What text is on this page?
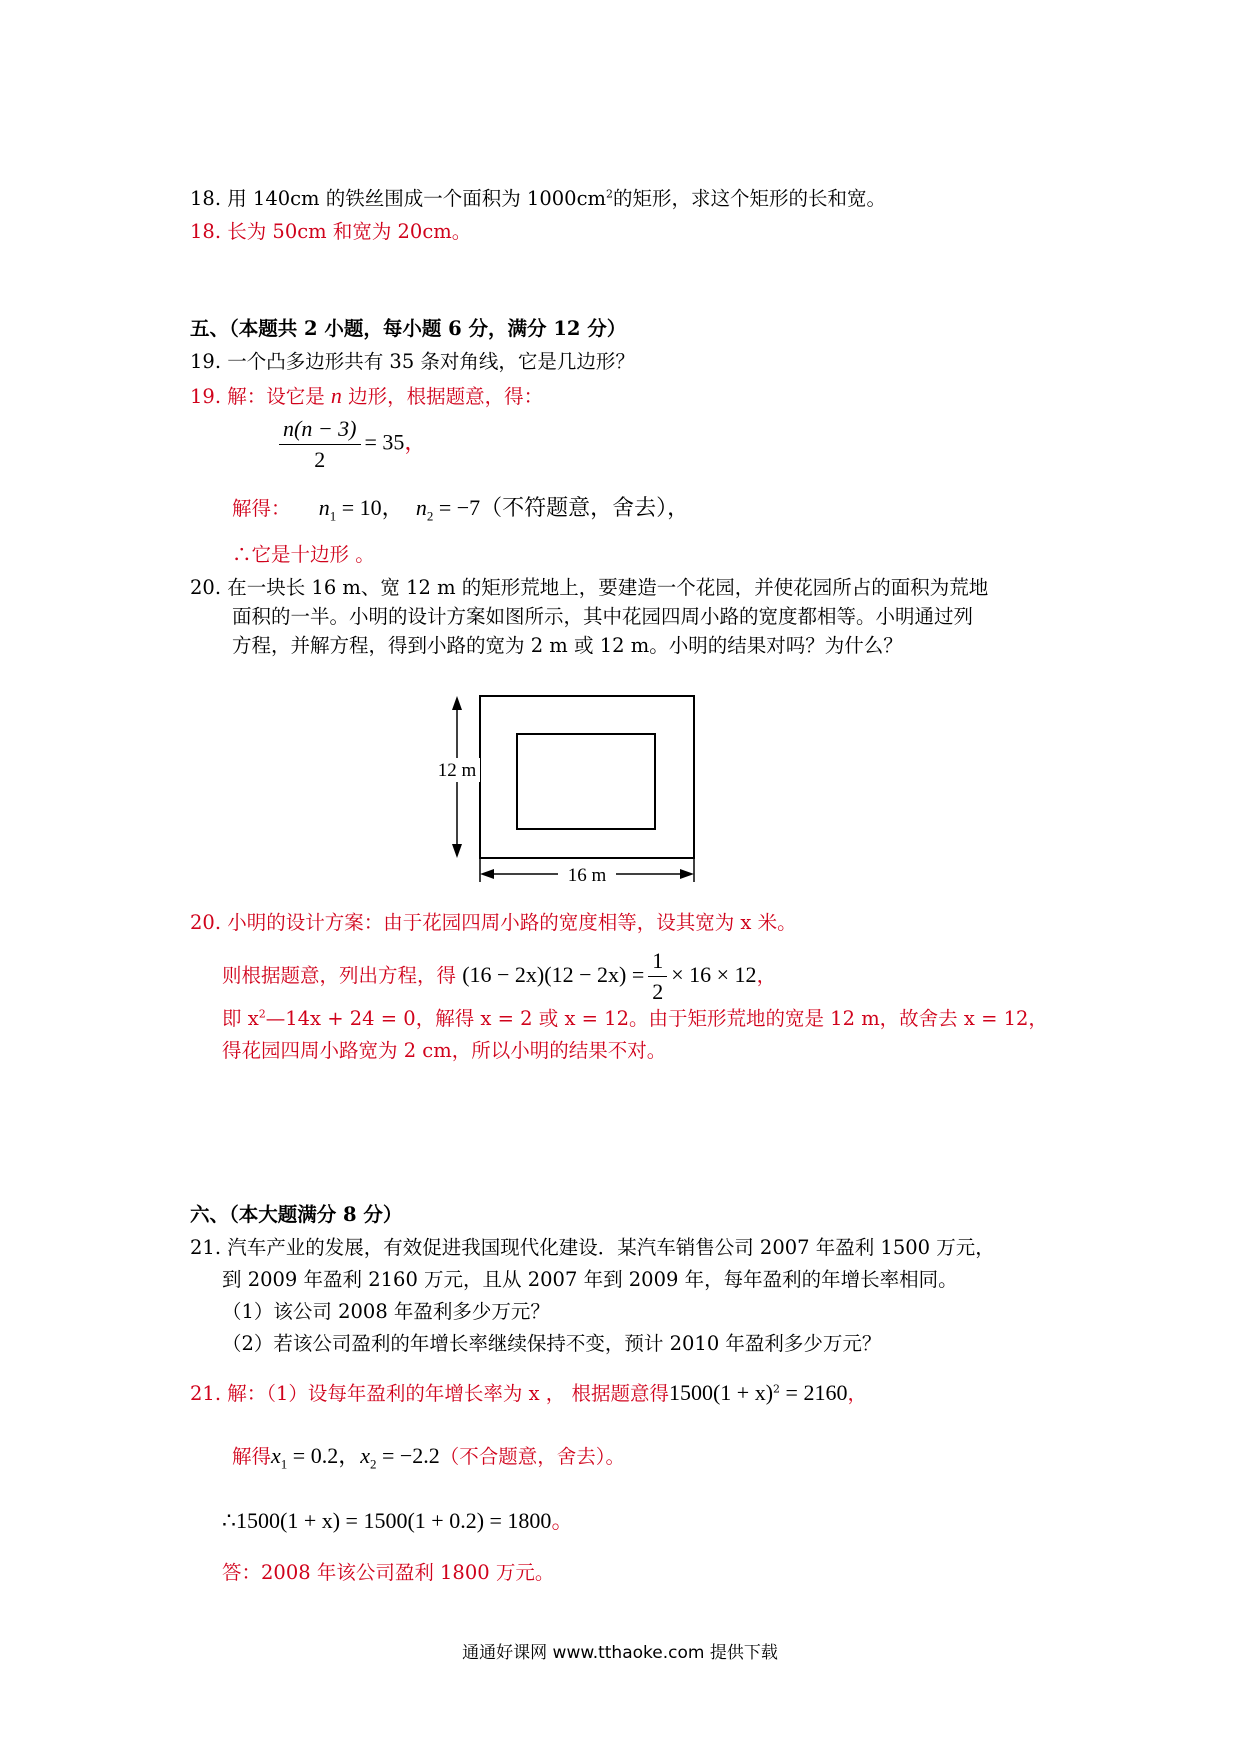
18. 用 140cm 的铁丝围成一个面积为 $1000cm^2$的矩形，求这个矩形的长和宽。
18. 长为 50cm 和宽为 20cm。
五、（本题共 2 小题，每小题 6 分，满分 12 分）
19. 一个凸多边形共有 35 条对角线，它是几边形？
19. 解：设它是 n 边形，根据题意，得：
$\frac{n(n - 3)}{2} = 35$，
解得： $n_1 = 10$， $n_2 = -7$（不符题意，舍去），
∴它是十边形 。
20. 在一块长 16 m、宽 12 m 的矩形荒地上，要建造一个花园，并使花园所占的面积为荒地
面积的一半。小明的设计方案如图所示，其中花园四周小路的宽度都相等。小明通过列
方程，并解方程，得到小路的宽为 2 m 或 12 m。小明的结果对吗？为什么？
12 m
16 m
20. 小明的设计方案：由于花园四周小路的宽度相等，设其宽为 x 米。
则根据题意，列出方程，得 $(16 - 2x)(12 - 2x) = \frac{1}{2} \times 16 \times 12$，
即 $x^2—14x + 24 = 0$，解得 x = 2 或 x = 12。由于矩形荒地的宽是 12 m，故舍去 x = 12，
得花园四周小路宽为 2 cm，所以小明的结果不对。
六、（本大题满分 8 分）
21. 汽车产业的发展，有效促进我国现代化建设．某汽车销售公司 2007 年盈利 1500 万元，
到 2009 年盈利 2160 万元，且从 2007 年到 2009 年，每年盈利的年增长率相同。
（1）该公司 2008 年盈利多少万元？
（2）若该公司盈利的年增长率继续保持不变，预计 2010 年盈利多少万元？
21. 解：（1）设每年盈利的年增长率为 x ， 根据题意得$1500(1 + x)^2 = 2160$，
解得$x_1 = 0.2$，$x_2 = -2.2$（不合题意，舍去）。
∴1500(1 + x) = 1500(1 + 0.2) = 1800。
答：2008 年该公司盈利 1800 万元。
通通好课网 www.tthaoke.com 提供下载
